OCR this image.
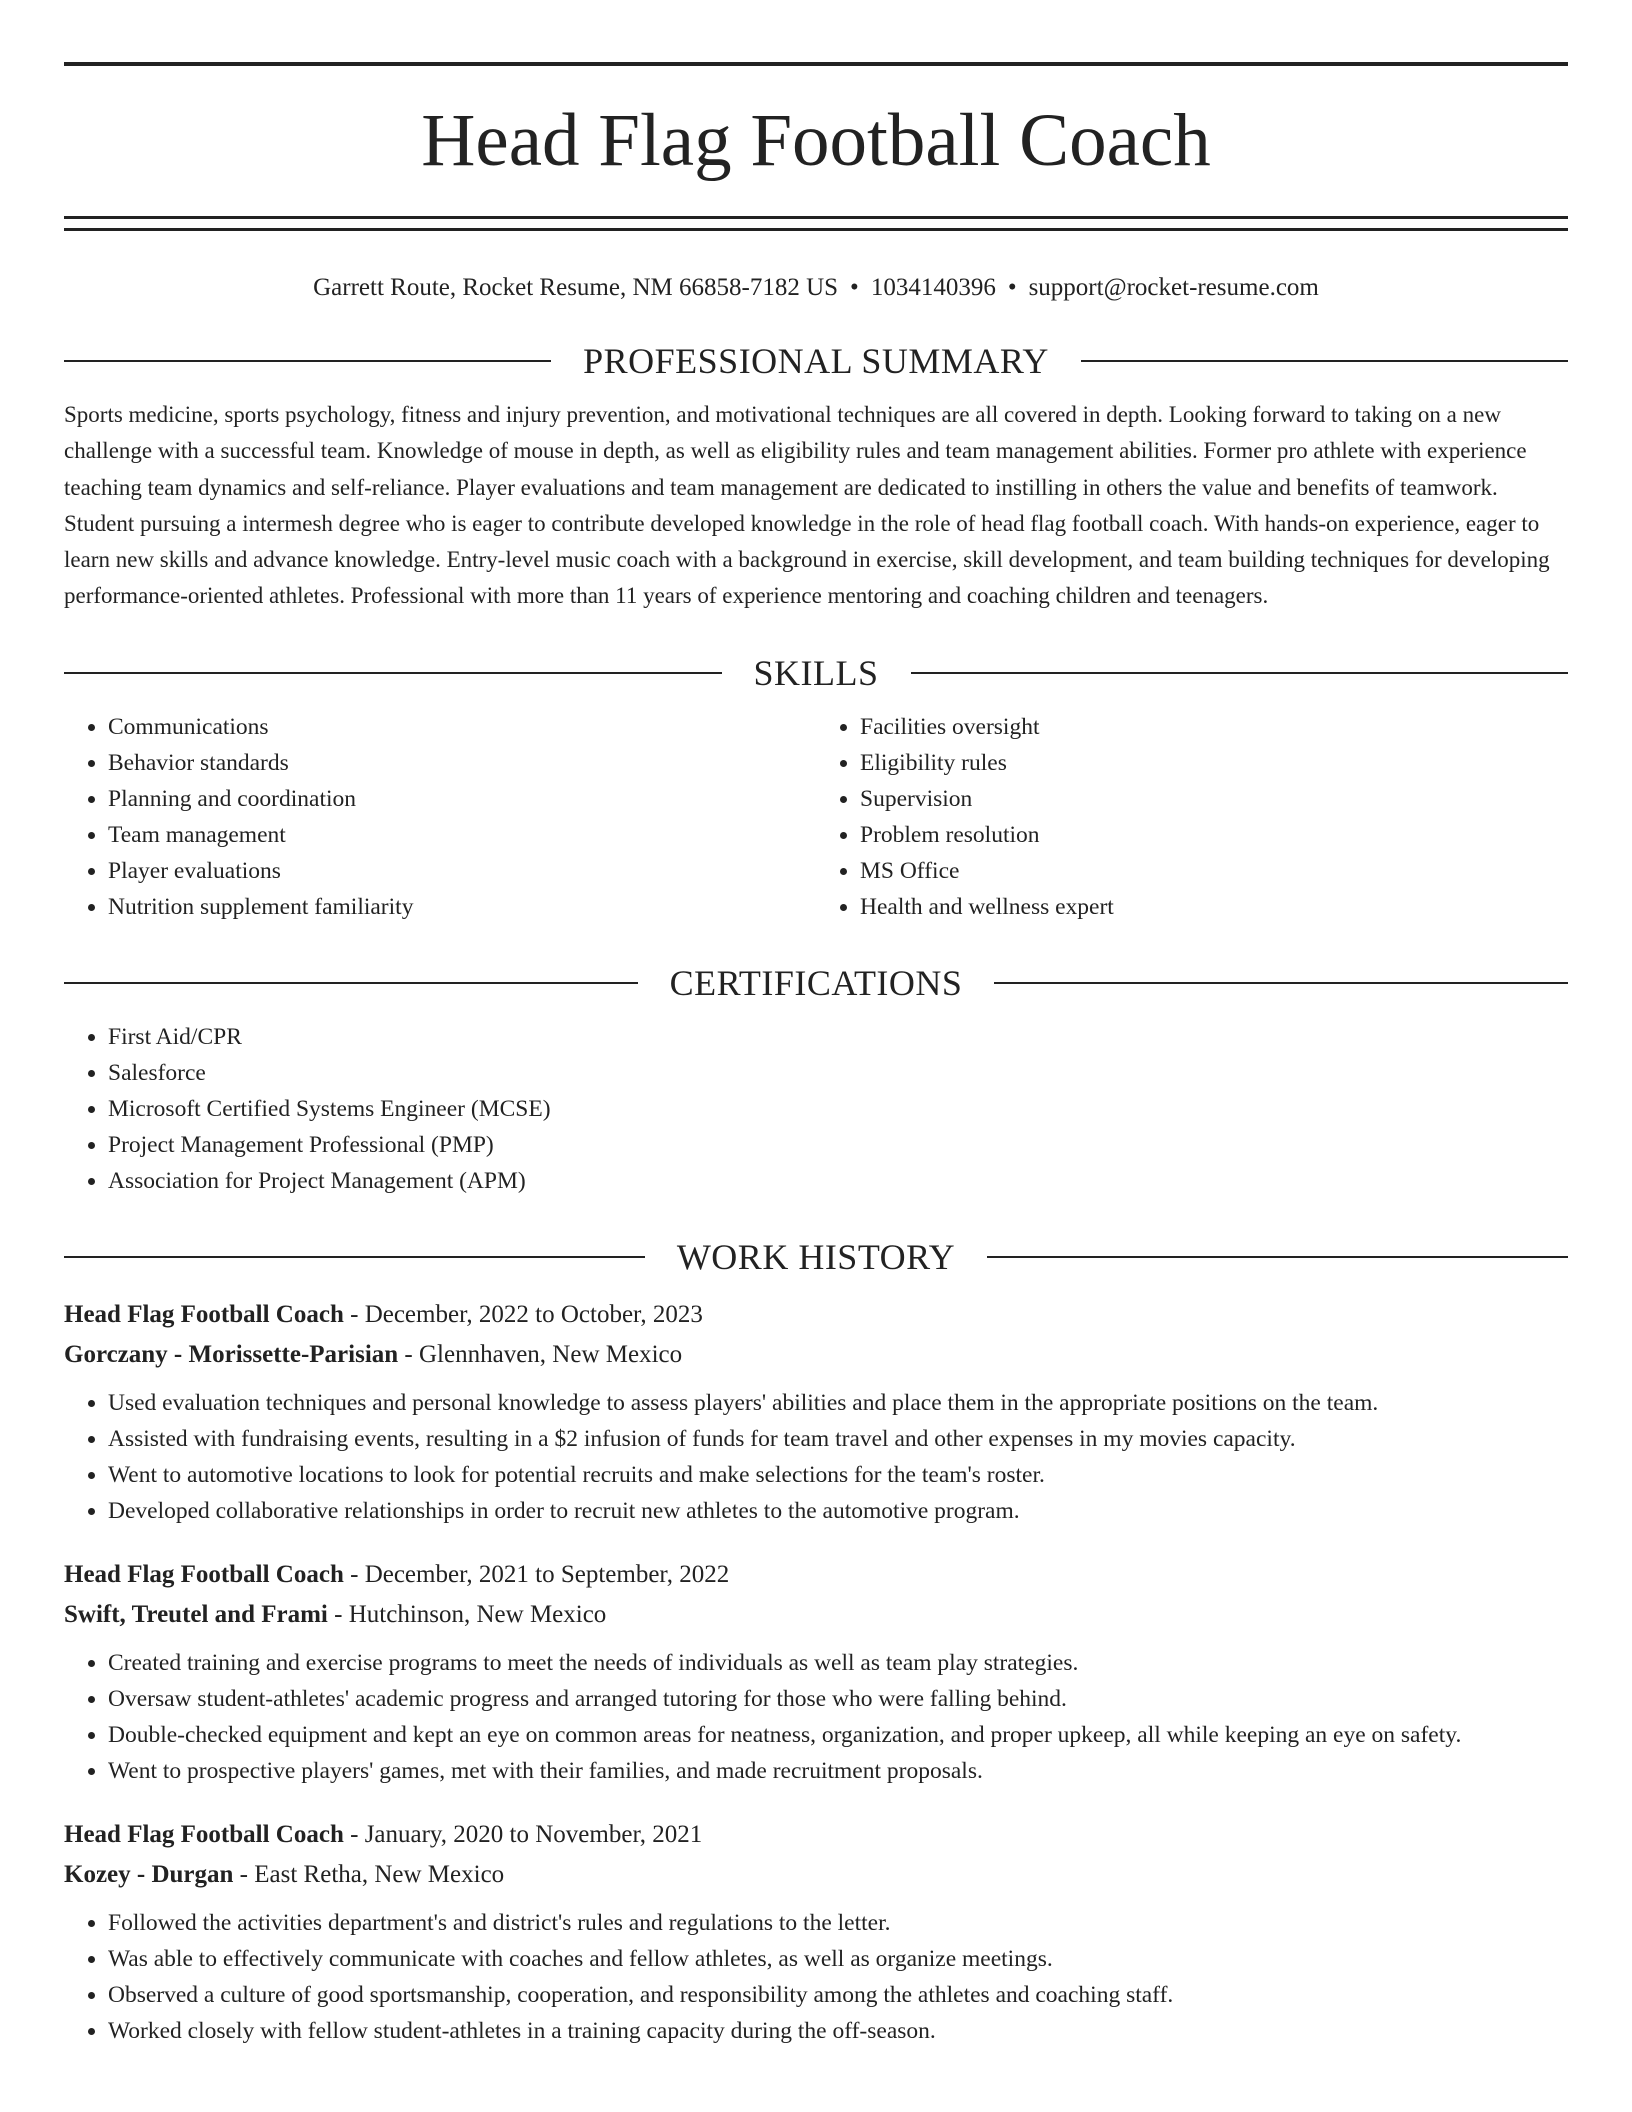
Head Flag Football Coach
Garrett Route, Rocket Resume, NM 66858-7182 US • 1034140396 • support@rocket-resume.com
PROFESSIONAL SUMMARY

Sports medicine, sports psychology, fitness and injury prevention, and motivational techniques are all covered in depth. Looking forward to taking on a new challenge with a successful team. Knowledge of mouse in depth, as well as eligibility rules and team management abilities. Former pro athlete with experience teaching team dynamics and self-reliance. Player evaluations and team management are dedicated to instilling in others the value and benefits of teamwork. Student pursuing a intermesh degree who is eager to contribute developed knowledge in the role of head flag football coach. With hands-on experience, eager to learn new skills and advance knowledge. Entry-level music coach with a background in exercise, skill development, and team building techniques for developing performance-oriented athletes. Professional with more than 11 years of experience mentoring and coaching children and teenagers.

SKILLS
• Communications
• Behavior standards
• Planning and coordination
• Team management
• Player evaluations
• Nutrition supplement familiarity
• Facilities oversight
• Eligibility rules
• Supervision
• Problem resolution
• MS Office
• Health and wellness expert
CERTIFICATIONS
• First Aid/CPR
• Salesforce
• Microsoft Certified Systems Engineer (MCSE)
• Project Management Professional (PMP)
• Association for Project Management (APM)
WORK HISTORY
Head Flag Football Coach - December, 2022 to October, 2023
Gorczany - Morissette-Parisian - Glennhaven, New Mexico
• Used evaluation techniques and personal knowledge to assess players' abilities and place them in the appropriate positions on the team.
• Assisted with fundraising events, resulting in a $2 infusion of funds for team travel and other expenses in my movies capacity.
• Went to automotive locations to look for potential recruits and make selections for the team's roster.
• Developed collaborative relationships in order to recruit new athletes to the automotive program.
Head Flag Football Coach - December, 2021 to September, 2022
Swift, Treutel and Frami - Hutchinson, New Mexico
• Created training and exercise programs to meet the needs of individuals as well as team play strategies.
• Oversaw student-athletes' academic progress and arranged tutoring for those who were falling behind.
• Double-checked equipment and kept an eye on common areas for neatness, organization, and proper upkeep, all while keeping an eye on safety.
• Went to prospective players' games, met with their families, and made recruitment proposals.
Head Flag Football Coach - January, 2020 to November, 2021
Kozey - Durgan - East Retha, New Mexico
• Followed the activities department's and district's rules and regulations to the letter.
• Was able to effectively communicate with coaches and fellow athletes, as well as organize meetings.
• Observed a culture of good sportsmanship, cooperation, and responsibility among the athletes and coaching staff.
• Worked closely with fellow student-athletes in a training capacity during the off-season.
